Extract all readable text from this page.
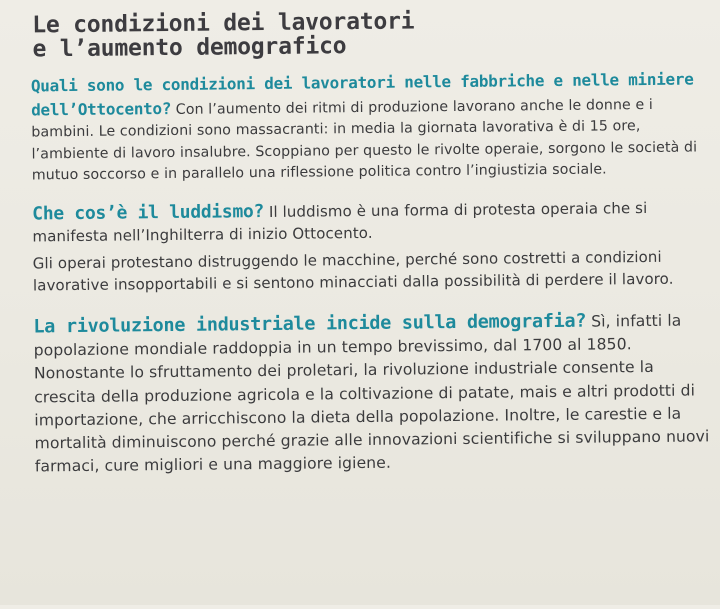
Le condizioni dei lavoratori
e l’aumento demografico

Quali sono le condizioni dei lavoratori nelle fabbriche e nelle miniere dell’Ottocento? Con l’aumento dei ritmi di produzione lavorano anche le donne e i bambini. Le condizioni sono massacranti: in media la giornata lavorativa è di 15 ore, l’ambiente di lavoro insalubre. Scoppiano per questo le rivolte operaie, sorgono le società di mutuo soccorso e in parallelo una riflessione politica contro l’ingiustizia sociale.

Che cos’è il luddismo? Il luddismo è una forma di protesta operaia che si manifesta nell’Inghilterra di inizio Ottocento.

Gli operai protestano distruggendo le macchine, perché sono costretti a condizioni lavorative insopportabili e si sentono minacciati dalla possibilità di perdere il lavoro.

La rivoluzione industriale incide sulla demografia? Sì, infatti la popolazione mondiale raddoppia in un tempo brevissimo, dal 1700 al 1850. Nonostante lo sfruttamento dei proletari, la rivoluzione industriale consente la crescita della produzione agricola e la coltivazione di patate, mais e altri prodotti di importazione, che arricchiscono la dieta della popolazione. Inoltre, le carestie e la mortalità diminuiscono perché grazie alle innovazioni scientifiche si sviluppano nuovi farmaci, cure migliori e una maggiore igiene.
